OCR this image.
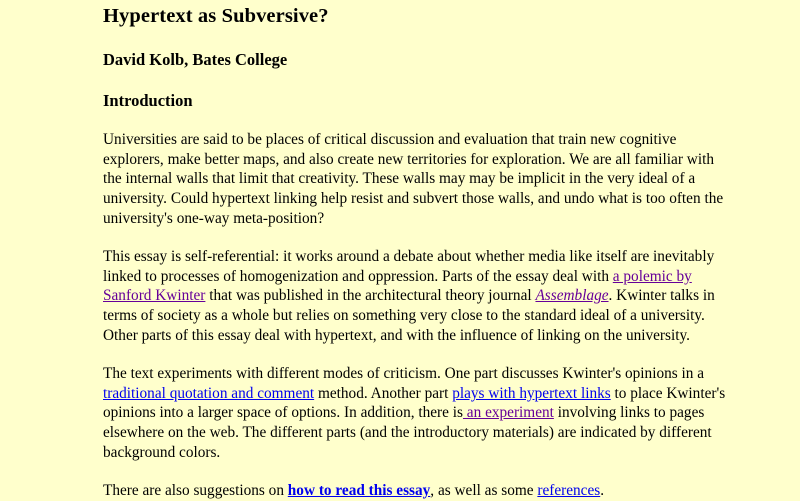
Hypertext as Subversive?
David Kolb, Bates College
Introduction

Universities are said to be places of critical discussion and evaluation that train new cognitive explorers, make better maps, and also create new territories for exploration. We are all familiar with the internal walls that limit that creativity. These walls may may be implicit in the very ideal of a university. Could hypertext linking help resist and subvert those walls, and undo what is too often the university's one-way meta-position?

This essay is self-referential: it works around a debate about whether media like itself are inevitably linked to processes of homogenization and oppression. Parts of the essay deal with a polemic by Sanford Kwinter that was published in the architectural theory journal Assemblage. Kwinter talks in terms of society as a whole but relies on something very close to the standard ideal of a university. Other parts of this essay deal with hypertext, and with the influence of linking on the university.

The text experiments with different modes of criticism. One part discusses Kwinter's opinions in a traditional quotation and comment method. Another part plays with hypertext links to place Kwinter's opinions into a larger space of options. In addition, there is an experiment involving links to pages elsewhere on the web. The different parts (and the introductory materials) are indicated by different background colors.

There are also suggestions on how to read this essay, as well as some references.
